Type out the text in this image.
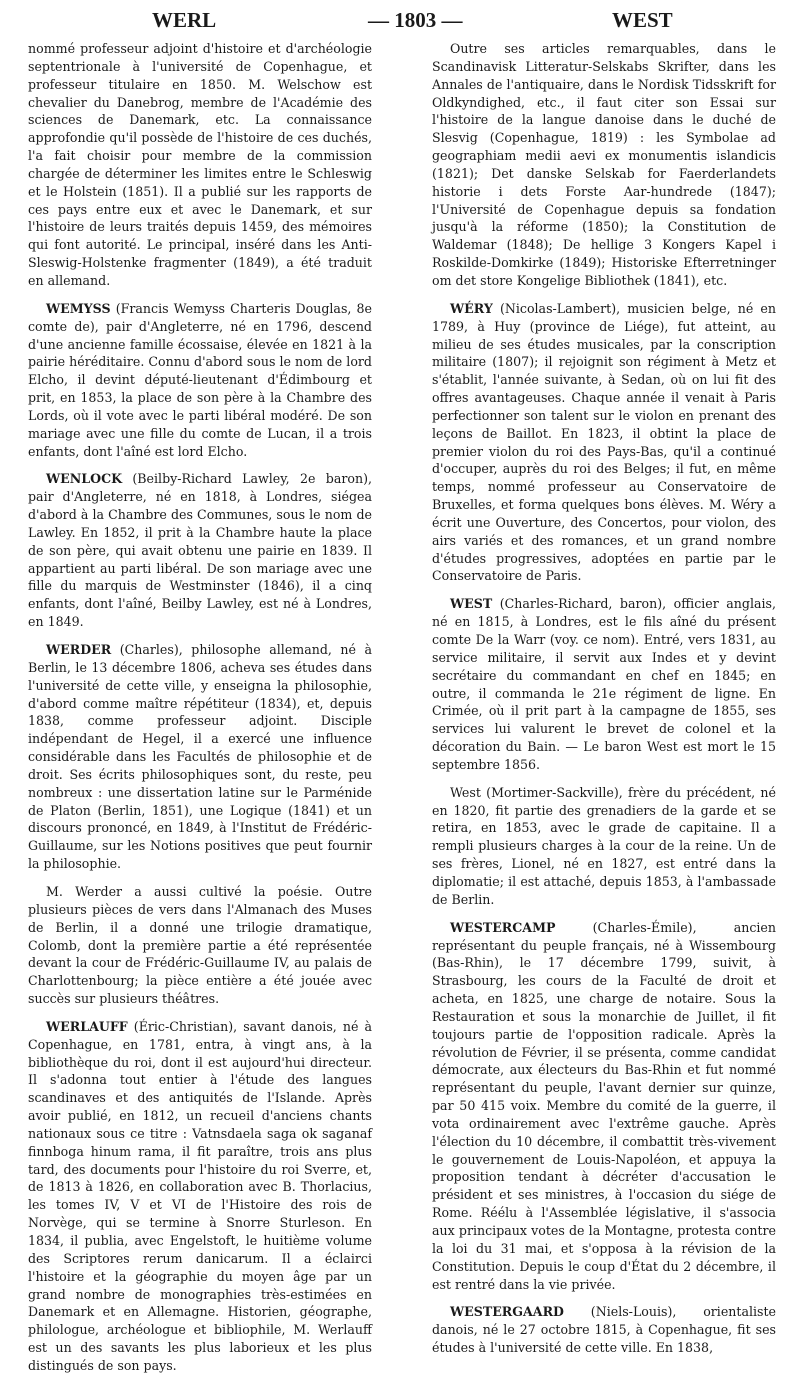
WERL	— 1803 —	WEST

nommé professeur adjoint d'histoire et d'archéologie septentrionale à l'université de Copenhague, et professeur titulaire en 1850. M. Welschow est chevalier du Danebrog, membre de l'Académie des sciences de Danemark, etc. La connaissance approfondie qu'il possède de l'histoire de ces duchés, l'a fait choisir pour membre de la commission chargée de déterminer les limites entre le Schleswig et le Holstein (1851). Il a publié sur les rapports de ces pays entre eux et avec le Danemark, et sur l'histoire de leurs traités depuis 1459, des mémoires qui font autorité. Le principal, inséré dans les Anti-Sleswig-Holstenke fragmenter (1849), a été traduit en allemand.

WEMYSS (Francis Wemyss Charteris Douglas, 8e comte de), pair d'Angleterre, né en 1796, descend d'une ancienne famille écossaise, élevée en 1821 à la pairie héréditaire. Connu d'abord sous le nom de lord Elcho, il devint député-lieutenant d'Édimbourg et prit, en 1853, la place de son père à la Chambre des Lords, où il vote avec le parti libéral modéré. De son mariage avec une fille du comte de Lucan, il a trois enfants, dont l'aîné est lord Elcho.

WENLOCK (Beilby-Richard Lawley, 2e baron), pair d'Angleterre, né en 1818, à Londres, siégea d'abord à la Chambre des Communes, sous le nom de Lawley. En 1852, il prit à la Chambre haute la place de son père, qui avait obtenu une pairie en 1839. Il appartient au parti libéral. De son mariage avec une fille du marquis de Westminster (1846), il a cinq enfants, dont l'aîné, Beilby Lawley, est né à Londres, en 1849.

WERDER (Charles), philosophe allemand, né à Berlin, le 13 décembre 1806, acheva ses études dans l'université de cette ville, y enseigna la philosophie, d'abord comme maître répétiteur (1834), et, depuis 1838, comme professeur adjoint. Disciple indépendant de Hegel, il a exercé une influence considérable dans les Facultés de philosophie et de droit. Ses écrits philosophiques sont, du reste, peu nombreux : une dissertation latine sur le Parménide de Platon (Berlin, 1851), une Logique (1841) et un discours prononcé, en 1849, à l'Institut de Frédéric-Guillaume, sur les Notions positives que peut fournir la philosophie.

M. Werder a aussi cultivé la poésie. Outre plusieurs pièces de vers dans l'Almanach des Muses de Berlin, il a donné une trilogie dramatique, Colomb, dont la première partie a été représentée devant la cour de Frédéric-Guillaume IV, au palais de Charlottenbourg; la pièce entière a été jouée avec succès sur plusieurs théâtres.

WERLAUFF (Éric-Christian), savant danois, né à Copenhague, en 1781, entra, à vingt ans, à la bibliothèque du roi, dont il est aujourd'hui directeur. Il s'adonna tout entier à l'étude des langues scandinaves et des antiquités de l'Islande. Après avoir publié, en 1812, un recueil d'anciens chants nationaux sous ce titre : Vatnsdaela saga ok saganaf finnboga hinum rama, il fit paraître, trois ans plus tard, des documents pour l'histoire du roi Sverre, et, de 1813 à 1826, en collaboration avec B. Thorlacius, les tomes IV, V et VI de l'Histoire des rois de Norvège, qui se termine à Snorre Sturleson. En 1834, il publia, avec Engelstoft, le huitième volume des Scriptores rerum danicarum. Il a éclairci l'histoire et la géographie du moyen âge par un grand nombre de monographies très-estimées en Danemark et en Allemagne. Historien, géographe, philologue, archéologue et bibliophile, M. Werlauff est un des savants les plus laborieux et les plus distingués de son pays.

Outre ses articles remarquables, dans le Scandinavisk Litteratur-Selskabs Skrifter, dans les Annales de l'antiquaire, dans le Nordisk Tidsskrift for Oldkyndighed, etc., il faut citer son Essai sur l'histoire de la langue danoise dans le duché de Slesvig (Copenhague, 1819) : les Symbolae ad geographiam medii aevi ex monumentis islandicis (1821); Det danske Selskab for Faerderlandets historie i dets Forste Aar-hundrede (1847); l'Université de Copenhague depuis sa fondation jusqu'à la réforme (1850); la Constitution de Waldemar (1848); De hellige 3 Kongers Kapel i Roskilde-Domkirke (1849); Historiske Efterretninger om det store Kongelige Bibliothek (1841), etc.

WÉRY (Nicolas-Lambert), musicien belge, né en 1789, à Huy (province de Liége), fut atteint, au milieu de ses études musicales, par la conscription militaire (1807); il rejoignit son régiment à Metz et s'établit, l'année suivante, à Sedan, où on lui fit des offres avantageuses. Chaque année il venait à Paris perfectionner son talent sur le violon en prenant des leçons de Baillot. En 1823, il obtint la place de premier violon du roi des Pays-Bas, qu'il a continué d'occuper, auprès du roi des Belges; il fut, en même temps, nommé professeur au Conservatoire de Bruxelles, et forma quelques bons élèves. M. Wéry a écrit une Ouverture, des Concertos, pour violon, des airs variés et des romances, et un grand nombre d'études progressives, adoptées en partie par le Conservatoire de Paris.

WEST (Charles-Richard, baron), officier anglais, né en 1815, à Londres, est le fils aîné du présent comte De la Warr (voy. ce nom). Entré, vers 1831, au service militaire, il servit aux Indes et y devint secrétaire du commandant en chef en 1845; en outre, il commanda le 21e régiment de ligne. En Crimée, où il prit part à la campagne de 1855, ses services lui valurent le brevet de colonel et la décoration du Bain. — Le baron West est mort le 15 septembre 1856.

West (Mortimer-Sackville), frère du précédent, né en 1820, fit partie des grenadiers de la garde et se retira, en 1853, avec le grade de capitaine. Il a rempli plusieurs charges à la cour de la reine. Un de ses frères, Lionel, né en 1827, est entré dans la diplomatie; il est attaché, depuis 1853, à l'ambassade de Berlin.

WESTERCAMP	(Charles-Émile), ancien représentant du peuple français, né à Wissembourg (Bas-Rhin), le 17 décembre 1799, suivit, à Strasbourg, les cours de la Faculté de droit et acheta, en 1825, une charge de notaire. Sous la Restauration et sous la monarchie de Juillet, il fit toujours partie de l'opposition radicale. Après la révolution de Février, il se présenta, comme candidat démocrate, aux électeurs du Bas-Rhin et fut nommé représentant du peuple, l'avant dernier sur quinze, par 50 415 voix. Membre du comité de la guerre, il vota ordinairement avec l'extrême gauche. Après l'élection du 10 décembre, il combattit très-vivement le gouvernement de Louis-Napoléon, et appuya la proposition tendant à décréter d'accusation le président et ses ministres, à l'occasion du siége de Rome. Réélu à l'Assemblée législative, il s'associa aux principaux votes de la Montagne, protesta contre la loi du 31 mai, et s'opposa à la révision de la Constitution. Depuis le coup d'État du 2 décembre, il est rentré dans la vie privée.

WESTERGAARD (Niels-Louis), orientaliste danois, né le 27 octobre 1815, à Copenhague, fit ses études à l'université de cette ville. En 1838,
